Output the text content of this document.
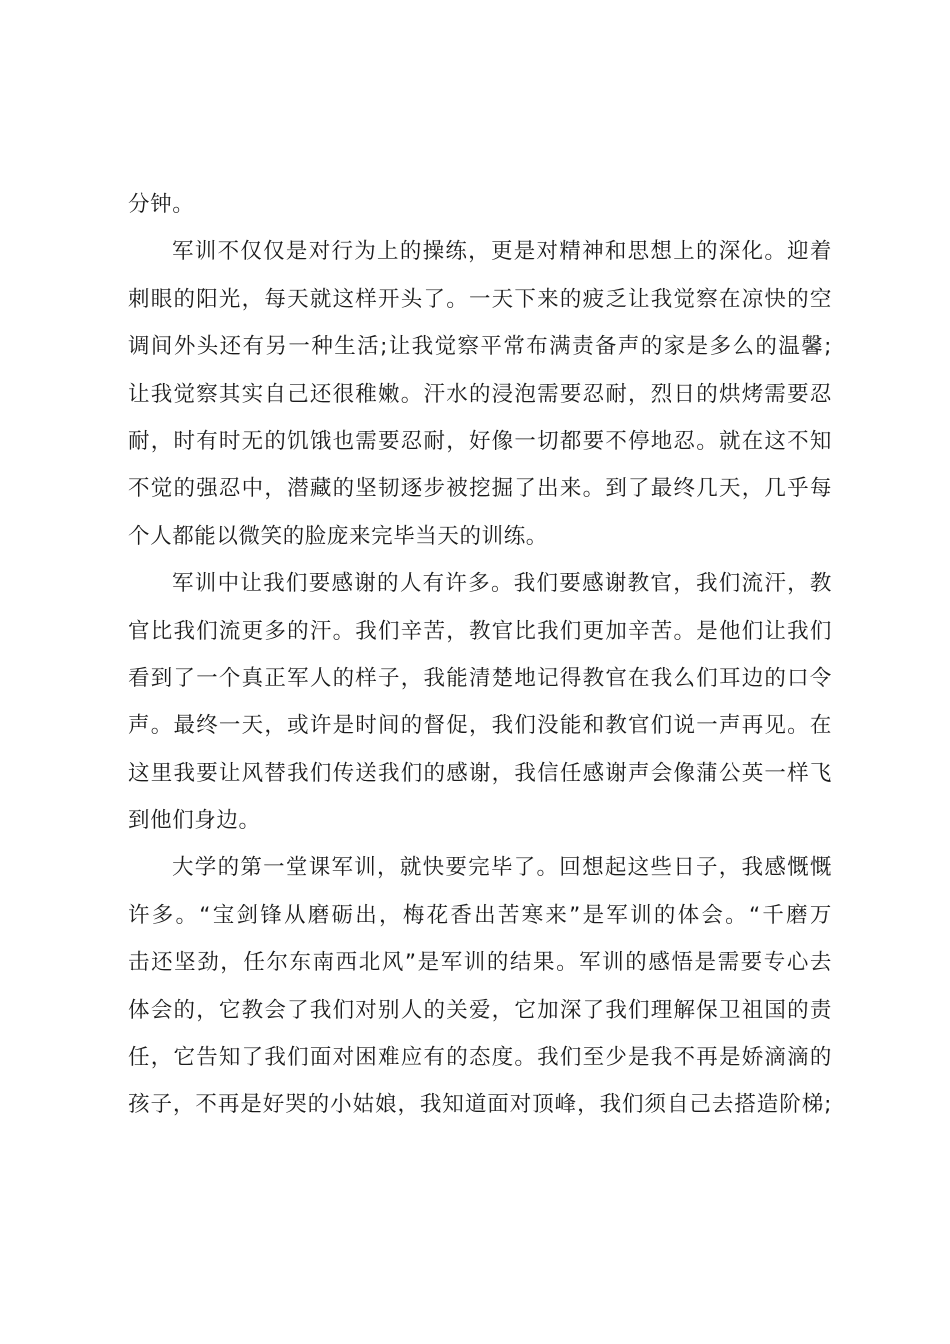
分钟。
军训不仅仅是对行为上的操练，更是对精神和思想上的深化。迎着
刺眼的阳光，每天就这样开头了。一天下来的疲乏让我觉察在凉快的空
调间外头还有另一种生活;让我觉察平常布满责备声的家是多么的温馨;
让我觉察其实自己还很稚嫩。汗水的浸泡需要忍耐，烈日的烘烤需要忍
耐，时有时无的饥饿也需要忍耐，好像一切都要不停地忍。就在这不知
不觉的强忍中，潜藏的坚韧逐步被挖掘了出来。到了最终几天，几乎每
个人都能以微笑的脸庞来完毕当天的训练。
军训中让我们要感谢的人有许多。我们要感谢教官，我们流汗，教
官比我们流更多的汗。我们辛苦，教官比我们更加辛苦。是他们让我们
看到了一个真正军人的样子，我能清楚地记得教官在我么们耳边的口令
声。最终一天，或许是时间的督促，我们没能和教官们说一声再见。在
这里我要让风替我们传送我们的感谢，我信任感谢声会像蒲公英一样飞
到他们身边。
大学的第一堂课军训，就快要完毕了。回想起这些日子，我感慨慨
许多。“宝剑锋从磨砺出，梅花香出苦寒来”是军训的体会。“千磨万
击还坚劲，任尔东南西北风”是军训的结果。军训的感悟是需要专心去
体会的，它教会了我们对别人的关爱，它加深了我们理解保卫祖国的责
任，它告知了我们面对困难应有的态度。我们至少是我不再是娇滴滴的
孩子，不再是好哭的小姑娘，我知道面对顶峰，我们须自己去搭造阶梯;
